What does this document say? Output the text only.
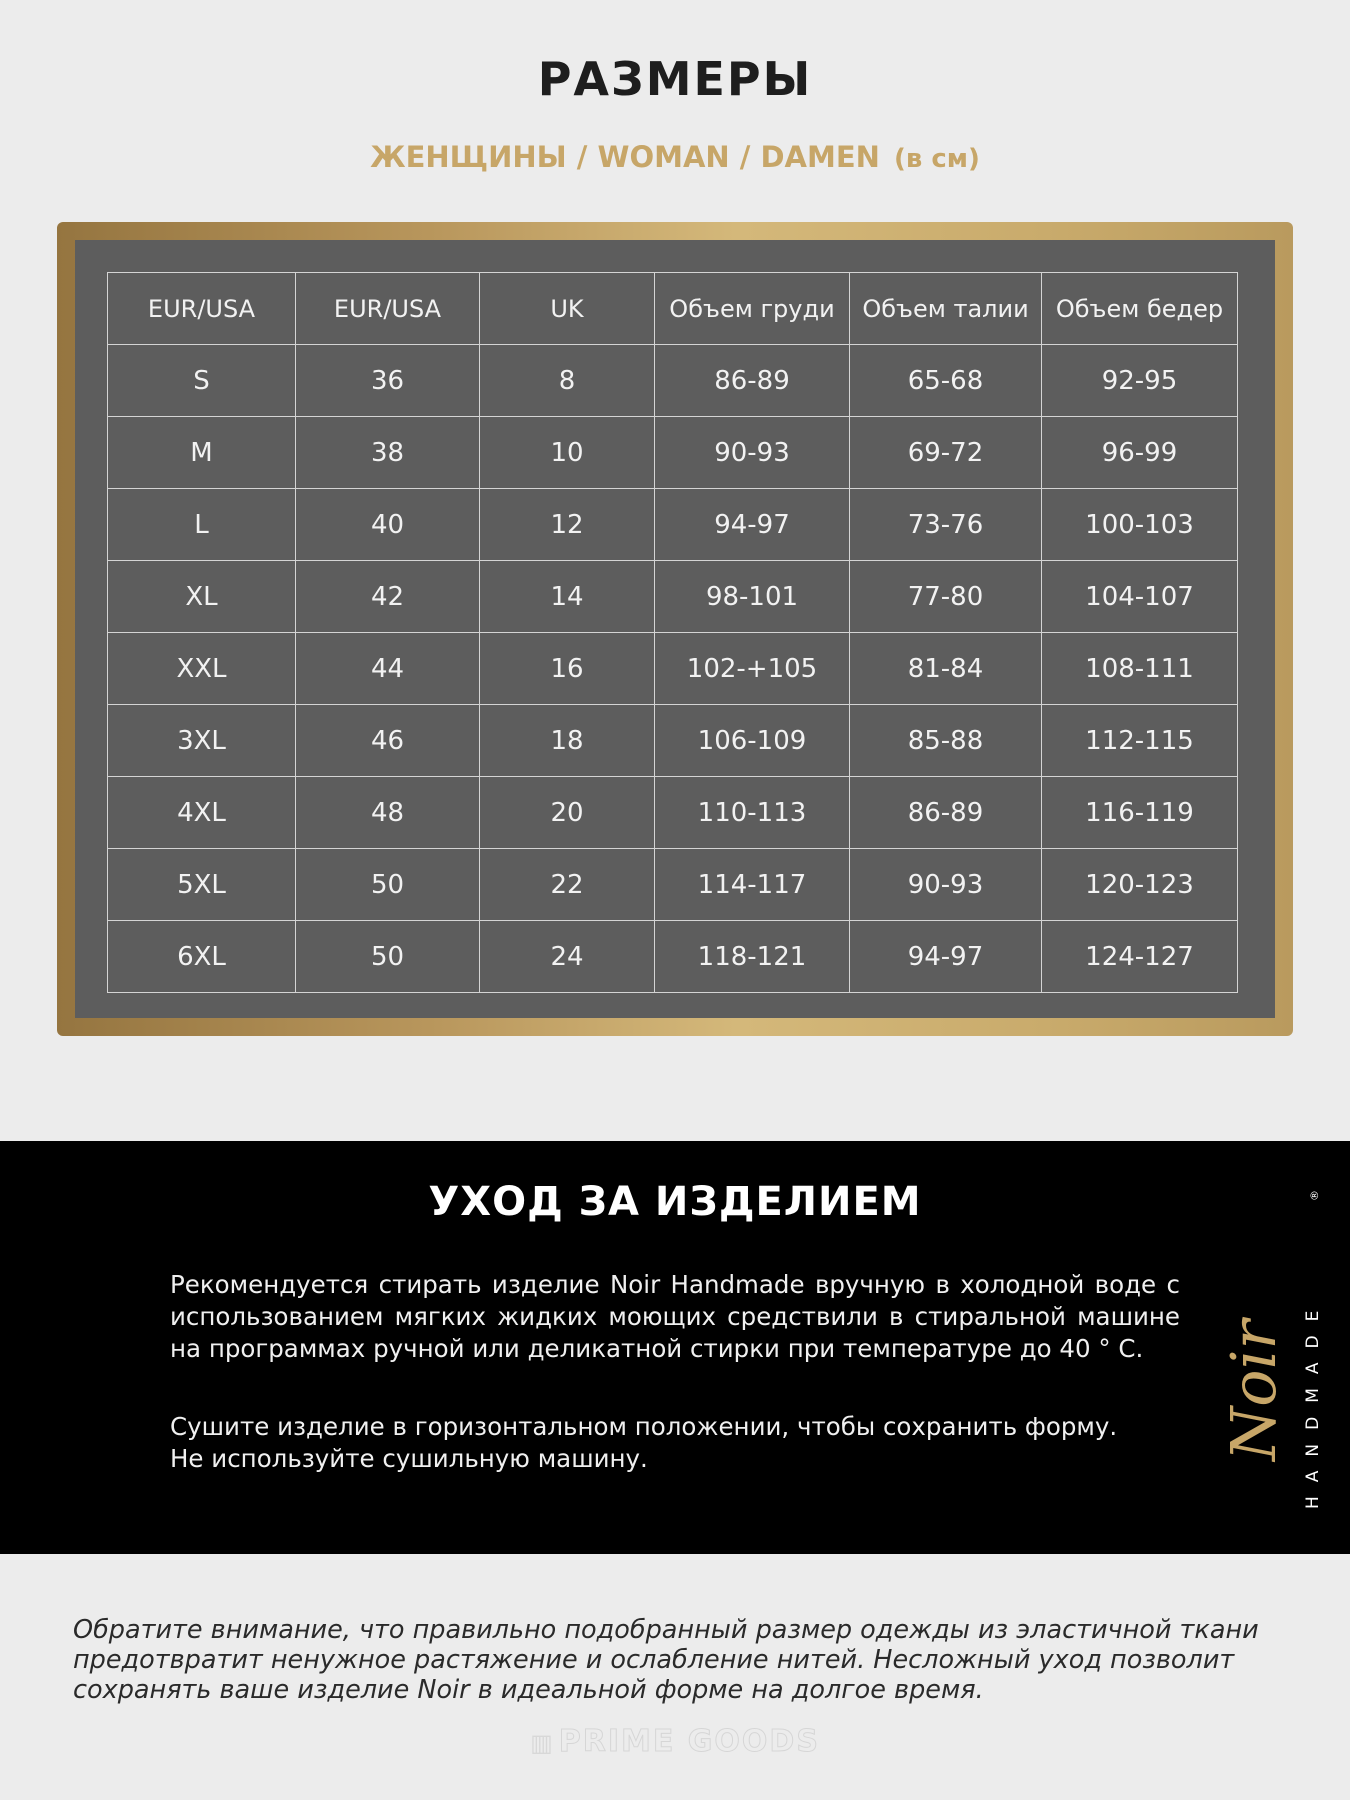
РАЗМЕРЫ
ЖЕНЩИНЫ / WOMAN / DAMEN (в см)
EUR/USA	EUR/USA	UK	Объем груди	Объем талии	Объем бедер
S	36	8	86-89	65-68	92-95
M	38	10	90-93	69-72	96-99
L	40	12	94-97	73-76	100-103
XL	42	14	98-101	77-80	104-107
XXL	44	16	102-+105	81-84	108-111
3XL	46	18	106-109	85-88	112-115
4XL	48	20	110-113	86-89	116-119
5XL	50	22	114-117	90-93	120-123
6XL	50	24	118-121	94-97	124-127
УХОД ЗА ИЗДЕЛИЕМ

Рекомендуется стирать изделие Noir Handmade вручную в холодной воде с использованием мягких жидких моющих средствили в стиральной машине на программах ручной или деликатной стирки при температуре до 40 ° C.

Сушите изделие в горизонтальном положении, чтобы сохранить форму.
Не используйте сушильную машину.	Noir HANDMADE
®

Обратите внимание, что правильно подобранный размер одежды из эластичной ткани предотвратит ненужное растяжение и ослабление нитей. Несложный уход позволит сохранять ваше изделие Noir в идеальной форме на долгое время.

▥ PRIME GOODS
